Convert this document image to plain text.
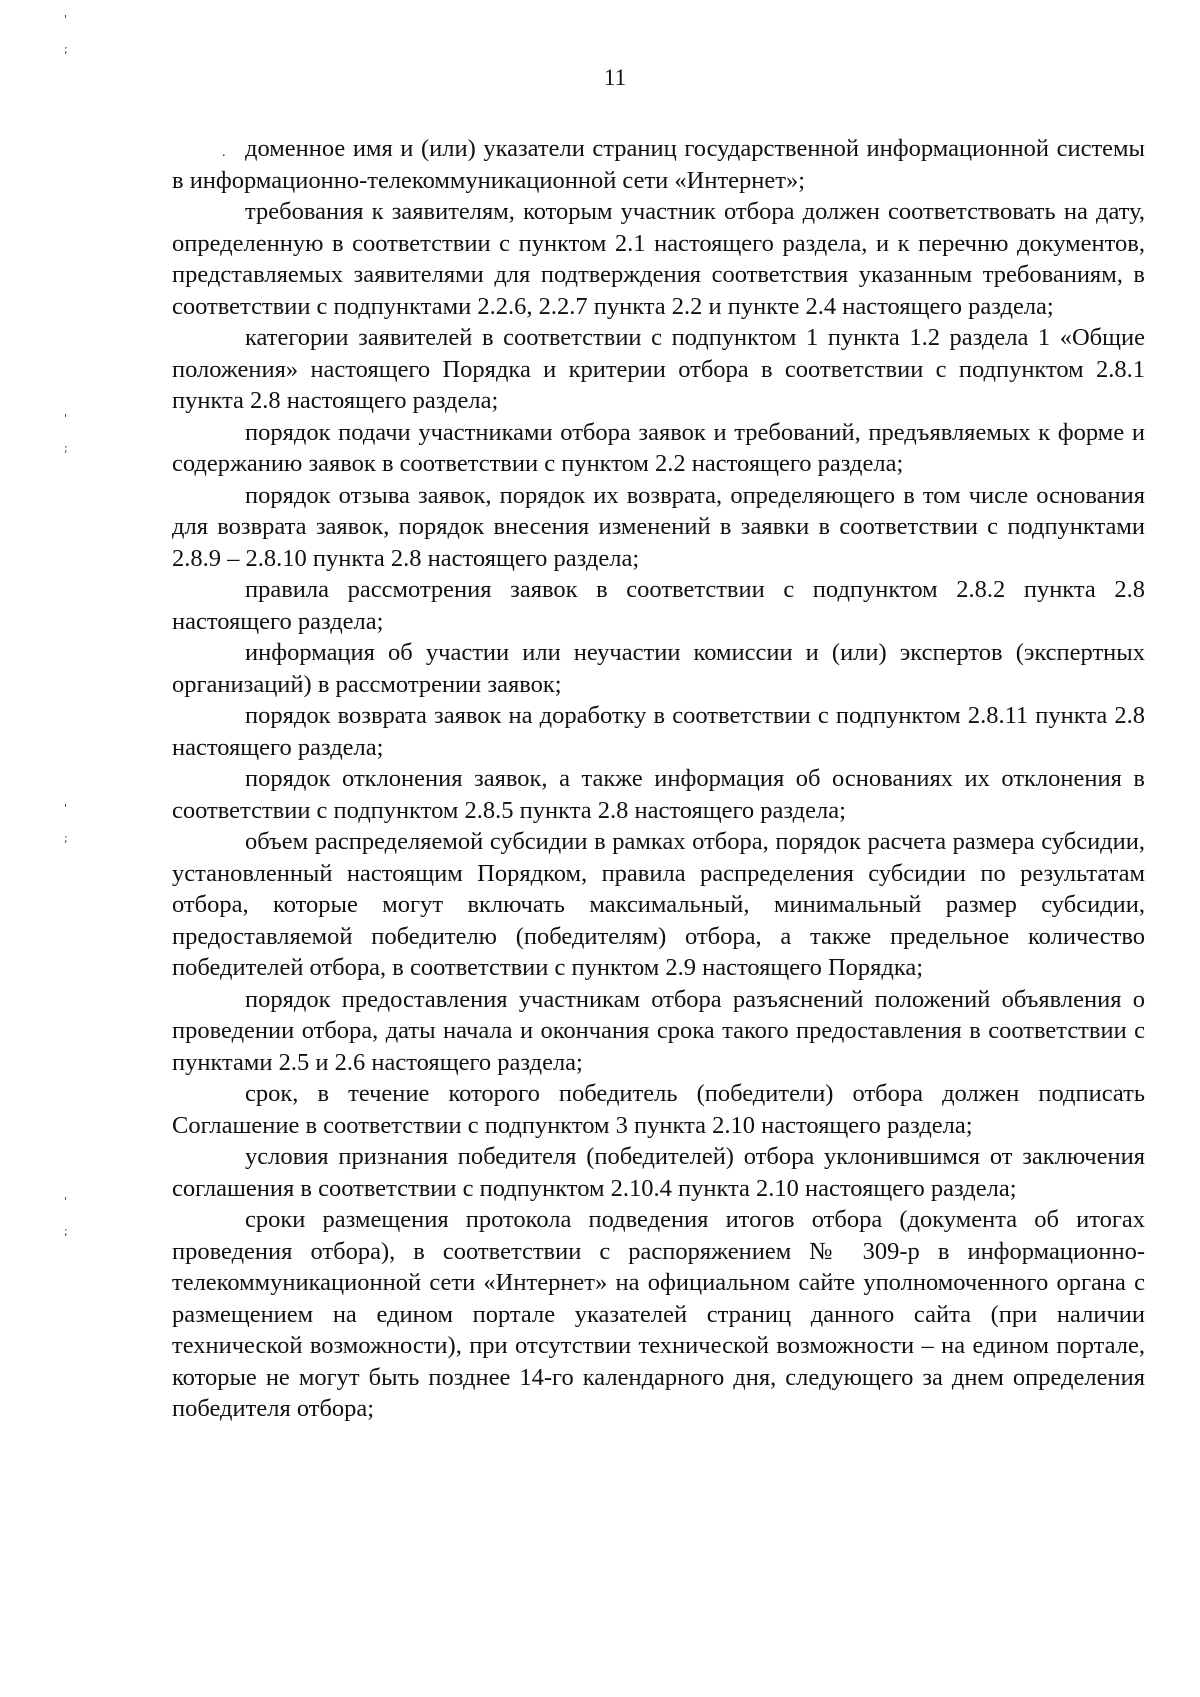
'
;
'
;
'
;
'
;
11
. доменное имя и (или) указатели страниц государственной информационной системы в информационно-телекоммуникационной сети «Интернет»;

требования к заявителям, которым участник отбора должен соответствовать на дату, определенную в соответствии с пунктом 2.1 настоящего раздела, и к перечню документов, представляемых заявителями для подтверждения соответствия указанным требованиям, в соответствии с подпунктами 2.2.6, 2.2.7 пункта 2.2 и пункте 2.4 настоящего раздела;

категории заявителей в соответствии с подпунктом 1 пункта 1.2 раздела 1 «Общие положения» настоящего Порядка и критерии отбора в соответствии с подпунктом 2.8.1 пункта 2.8 настоящего раздела;

порядок подачи участниками отбора заявок и требований, предъявляемых к форме и содержанию заявок в соответствии с пунктом 2.2 настоящего раздела;

порядок отзыва заявок, порядок их возврата, определяющего в том числе основания для возврата заявок, порядок внесения изменений в заявки в соответствии с подпунктами 2.8.9 – 2.8.10 пункта 2.8 настоящего раздела;

правила рассмотрения заявок в соответствии с подпунктом 2.8.2 пункта 2.8 настоящего раздела;

информация об участии или неучастии комиссии и (или) экспертов (экспертных организаций) в рассмотрении заявок;

порядок возврата заявок на доработку в соответствии с подпунктом 2.8.11 пункта 2.8 настоящего раздела;

порядок отклонения заявок, а также информация об основаниях их отклонения в соответствии с подпунктом 2.8.5 пункта 2.8 настоящего раздела;

объем распределяемой субсидии в рамках отбора, порядок расчета размера субсидии, установленный настоящим Порядком, правила распределения субсидии по результатам отбора, которые могут включать максимальный, минимальный размер субсидии, предоставляемой победителю (победителям) отбора, а также предельное количество победителей отбора, в соответствии с пунктом 2.9 настоящего Порядка;

порядок предоставления участникам отбора разъяснений положений объявления о проведении отбора, даты начала и окончания срока такого предоставления в соответствии с пунктами 2.5 и 2.6 настоящего раздела;

срок, в течение которого победитель (победители) отбора должен подписать Соглашение в соответствии с подпунктом 3 пункта 2.10 настоящего раздела;

условия признания победителя (победителей) отбора уклонившимся от заключения соглашения в соответствии с подпунктом 2.10.4 пункта 2.10 настоящего раздела;

сроки размещения протокола подведения итогов отбора (документа об итогах проведения отбора), в соответствии с распоряжением № 309-р в информационно-телекоммуникационной сети «Интернет» на официальном сайте уполномоченного органа с размещением на едином портале указателей страниц данного сайта (при наличии технической возможности), при отсутствии технической возможности – на едином портале, которые не могут быть позднее 14-го календарного дня, следующего за днем определения победителя отбора;
